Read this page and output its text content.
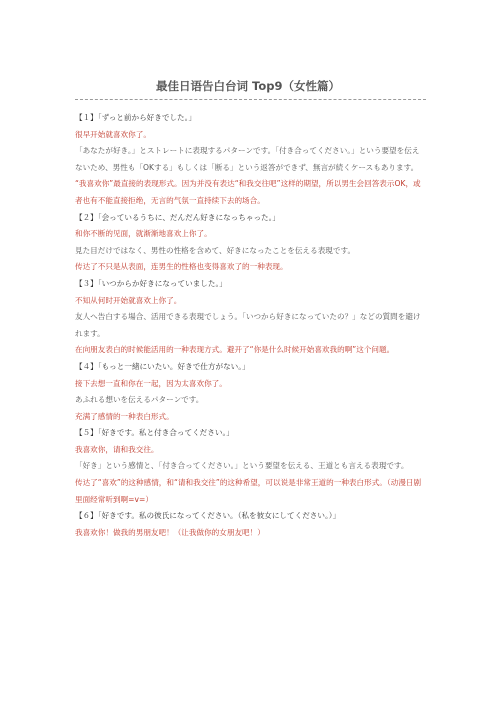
最佳日语告白台词 Top9（女性篇）
【１】「ずっと前から好きでした。」
很早开始就喜欢你了。
「あなたが好き。」とストレートに表現するパターンです。「付き合ってください。」という要望を伝えないため、男性も「OKする」もしくは「断る」という返答ができず、無言が続くケースもあります。
“我喜欢你”最直接的表现形式。因为并没有表达“和我交往吧”这样的期望，所以男生会回答表示OK，或者也有不能直接拒绝，无言的气氛一直持续下去的场合。
【２】「会っているうちに、だんだん好きになっちゃった。」
和你不断的见面，就渐渐地喜欢上你了。
見た目だけではなく、男性の性格を含めて、好きになったことを伝える表現です。
传达了不只是从表面，连男生的性格也变得喜欢了的一种表现。
【３】「いつからか好きになっていました。」
不知从何时开始就喜欢上你了。
友人へ告白する場合、活用できる表現でしょう。「いつから好きになっていたの？」などの質問を避けれます。
在向朋友表白的时候能活用的一种表现方式。避开了“你是什么时候开始喜欢我的啊”这个问题。
【４】「もっと一緒にいたい。好きで仕方がない。」
接下去想一直和你在一起，因为太喜欢你了。
あふれる想いを伝えるパターンです。
充满了感情的一种表白形式。
【５】「好きです。私と付き合ってください。」
我喜欢你，请和我交往。
「好き」という感情と、「付き合ってください。」という要望を伝える、王道とも言える表現です。
传达了“喜欢”的这种感情，和“请和我交往”的这种希望，可以说是非常王道的一种表白形式。（动漫日剧里面经常听到啊=v=）
【６】「好きです。私の彼氏になってください。（私を彼女にしてください。）」
我喜欢你！做我的男朋友吧！（让我做你的女朋友吧！）
